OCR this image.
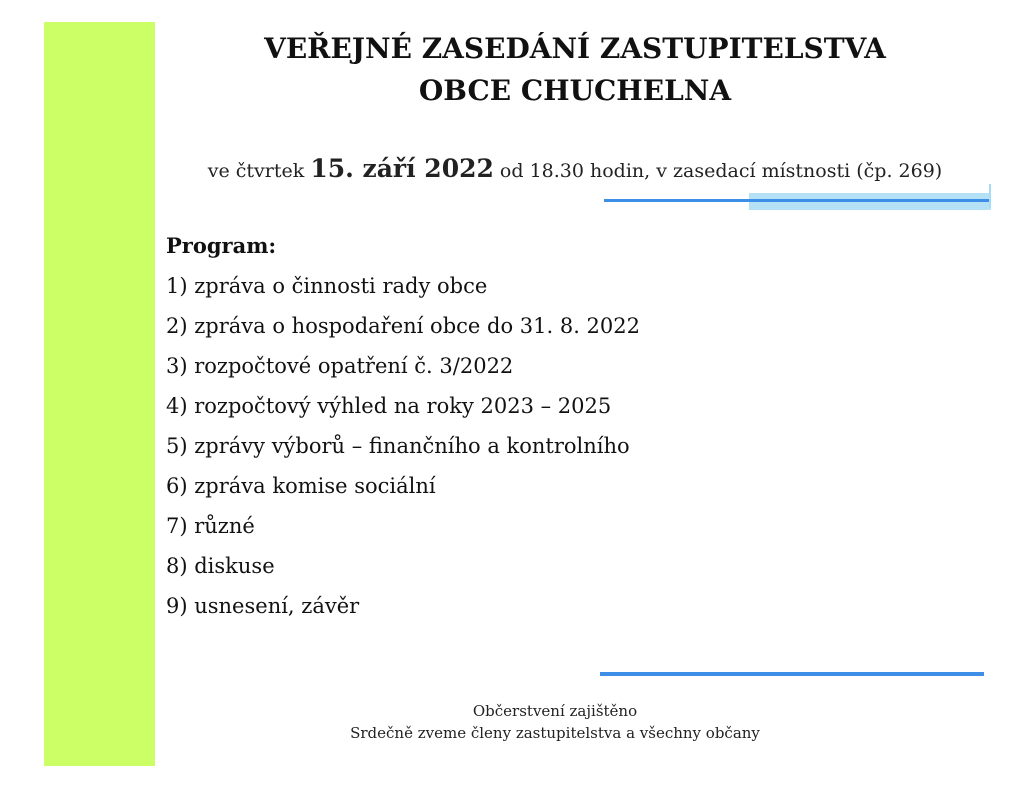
VEŘEJNÉ ZASEDÁNÍ ZASTUPITELSTVA
OBCE CHUCHELNA
ve čtvrtek 15. září 2022 od 18.30 hodin, v zasedací místnosti (čp. 269)
Program:
1) zpráva o činnosti rady obce
2) zpráva o hospodaření obce do 31. 8. 2022
3) rozpočtové opatření č. 3/2022
4) rozpočtový výhled na roky 2023 – 2025
5) zprávy výborů – finančního a kontrolního
6) zpráva komise sociální
7) různé
8) diskuse
9) usnesení, závěr
Občerstvení zajištěno
Srdečně zveme členy zastupitelstva a všechny občany
